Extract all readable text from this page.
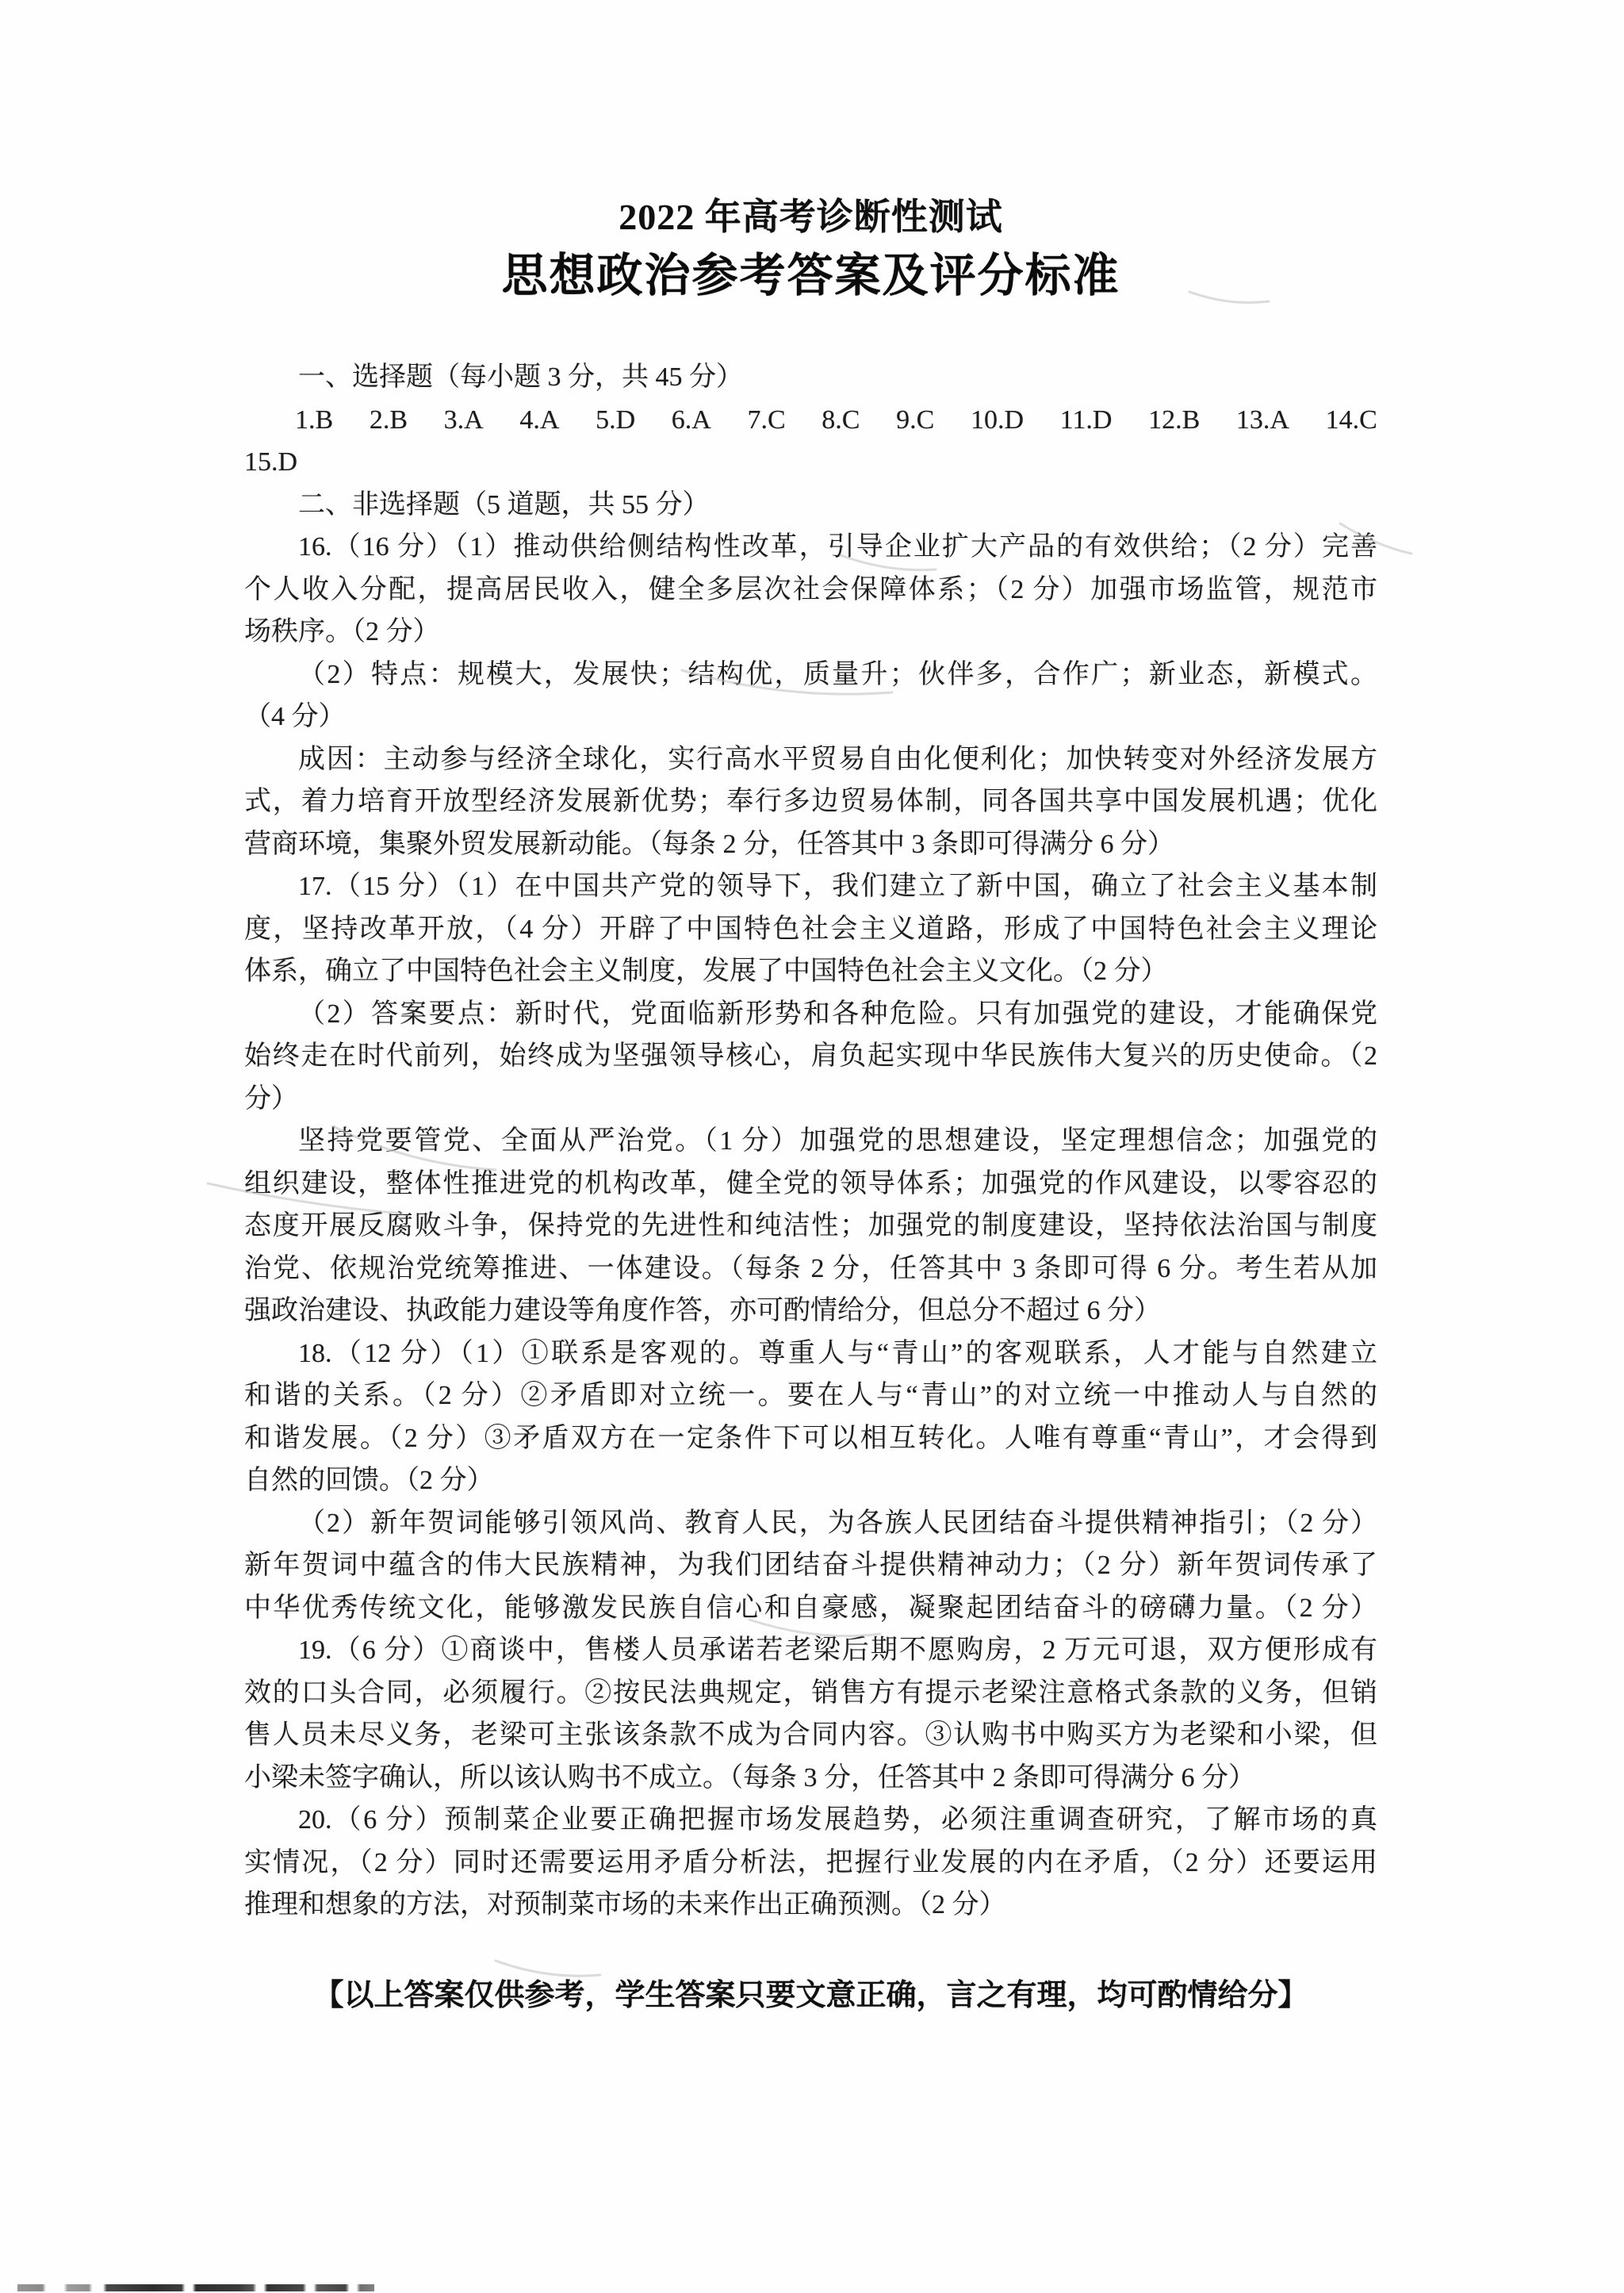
2022 年高考诊断性测试
思想政治参考答案及评分标准
一、选择题（每小题 3 分，共 45 分）
1.B 2.B 3.A 4.A 5.D 6.A 7.C 8.C 9.C 10.D 11.D 12.B 13.A 14.C
15.D
二、非选择题（5 道题，共 55 分）
16.（16 分）（1）推动供给侧结构性改革，引导企业扩大产品的有效供给；（2 分）完善
个人收入分配，提高居民收入，健全多层次社会保障体系；（2 分）加强市场监管，规范市
场秩序。（2 分）
（2）特点：规模大，发展快；结构优，质量升；伙伴多，合作广；新业态，新模式。
（4 分）
成因：主动参与经济全球化，实行高水平贸易自由化便利化；加快转变对外经济发展方
式，着力培育开放型经济发展新优势；奉行多边贸易体制，同各国共享中国发展机遇；优化
营商环境，集聚外贸发展新动能。（每条 2 分，任答其中 3 条即可得满分 6 分）
17.（15 分）（1）在中国共产党的领导下，我们建立了新中国，确立了社会主义基本制
度，坚持改革开放，（4 分）开辟了中国特色社会主义道路，形成了中国特色社会主义理论
体系，确立了中国特色社会主义制度，发展了中国特色社会主义文化。（2 分）
（2）答案要点：新时代，党面临新形势和各种危险。只有加强党的建设，才能确保党
始终走在时代前列，始终成为坚强领导核心，肩负起实现中华民族伟大复兴的历史使命。（2
分）
坚持党要管党、全面从严治党。（1 分）加强党的思想建设，坚定理想信念；加强党的
组织建设，整体性推进党的机构改革，健全党的领导体系；加强党的作风建设，以零容忍的
态度开展反腐败斗争，保持党的先进性和纯洁性；加强党的制度建设，坚持依法治国与制度
治党、依规治党统筹推进、一体建设。（每条 2 分，任答其中 3 条即可得 6 分。考生若从加
强政治建设、执政能力建设等角度作答，亦可酌情给分，但总分不超过 6 分）
18.（12 分）（1）①联系是客观的。尊重人与“青山”的客观联系，人才能与自然建立
和谐的关系。（2 分）②矛盾即对立统一。要在人与“青山”的对立统一中推动人与自然的
和谐发展。（2 分）③矛盾双方在一定条件下可以相互转化。人唯有尊重“青山”，才会得到
自然的回馈。（2 分）
（2）新年贺词能够引领风尚、教育人民，为各族人民团结奋斗提供精神指引；（2 分）
新年贺词中蕴含的伟大民族精神，为我们团结奋斗提供精神动力；（2 分）新年贺词传承了
中华优秀传统文化，能够激发民族自信心和自豪感，凝聚起团结奋斗的磅礴力量。（2 分）
19.（6 分）①商谈中，售楼人员承诺若老梁后期不愿购房，2 万元可退，双方便形成有
效的口头合同，必须履行。②按民法典规定，销售方有提示老梁注意格式条款的义务，但销
售人员未尽义务，老梁可主张该条款不成为合同内容。③认购书中购买方为老梁和小梁，但
小梁未签字确认，所以该认购书不成立。（每条 3 分，任答其中 2 条即可得满分 6 分）
20.（6 分）预制菜企业要正确把握市场发展趋势，必须注重调查研究，了解市场的真
实情况，（2 分）同时还需要运用矛盾分析法，把握行业发展的内在矛盾，（2 分）还要运用
推理和想象的方法，对预制菜市场的未来作出正确预测。（2 分）
【以上答案仅供参考，学生答案只要文意正确，言之有理，均可酌情给分】
